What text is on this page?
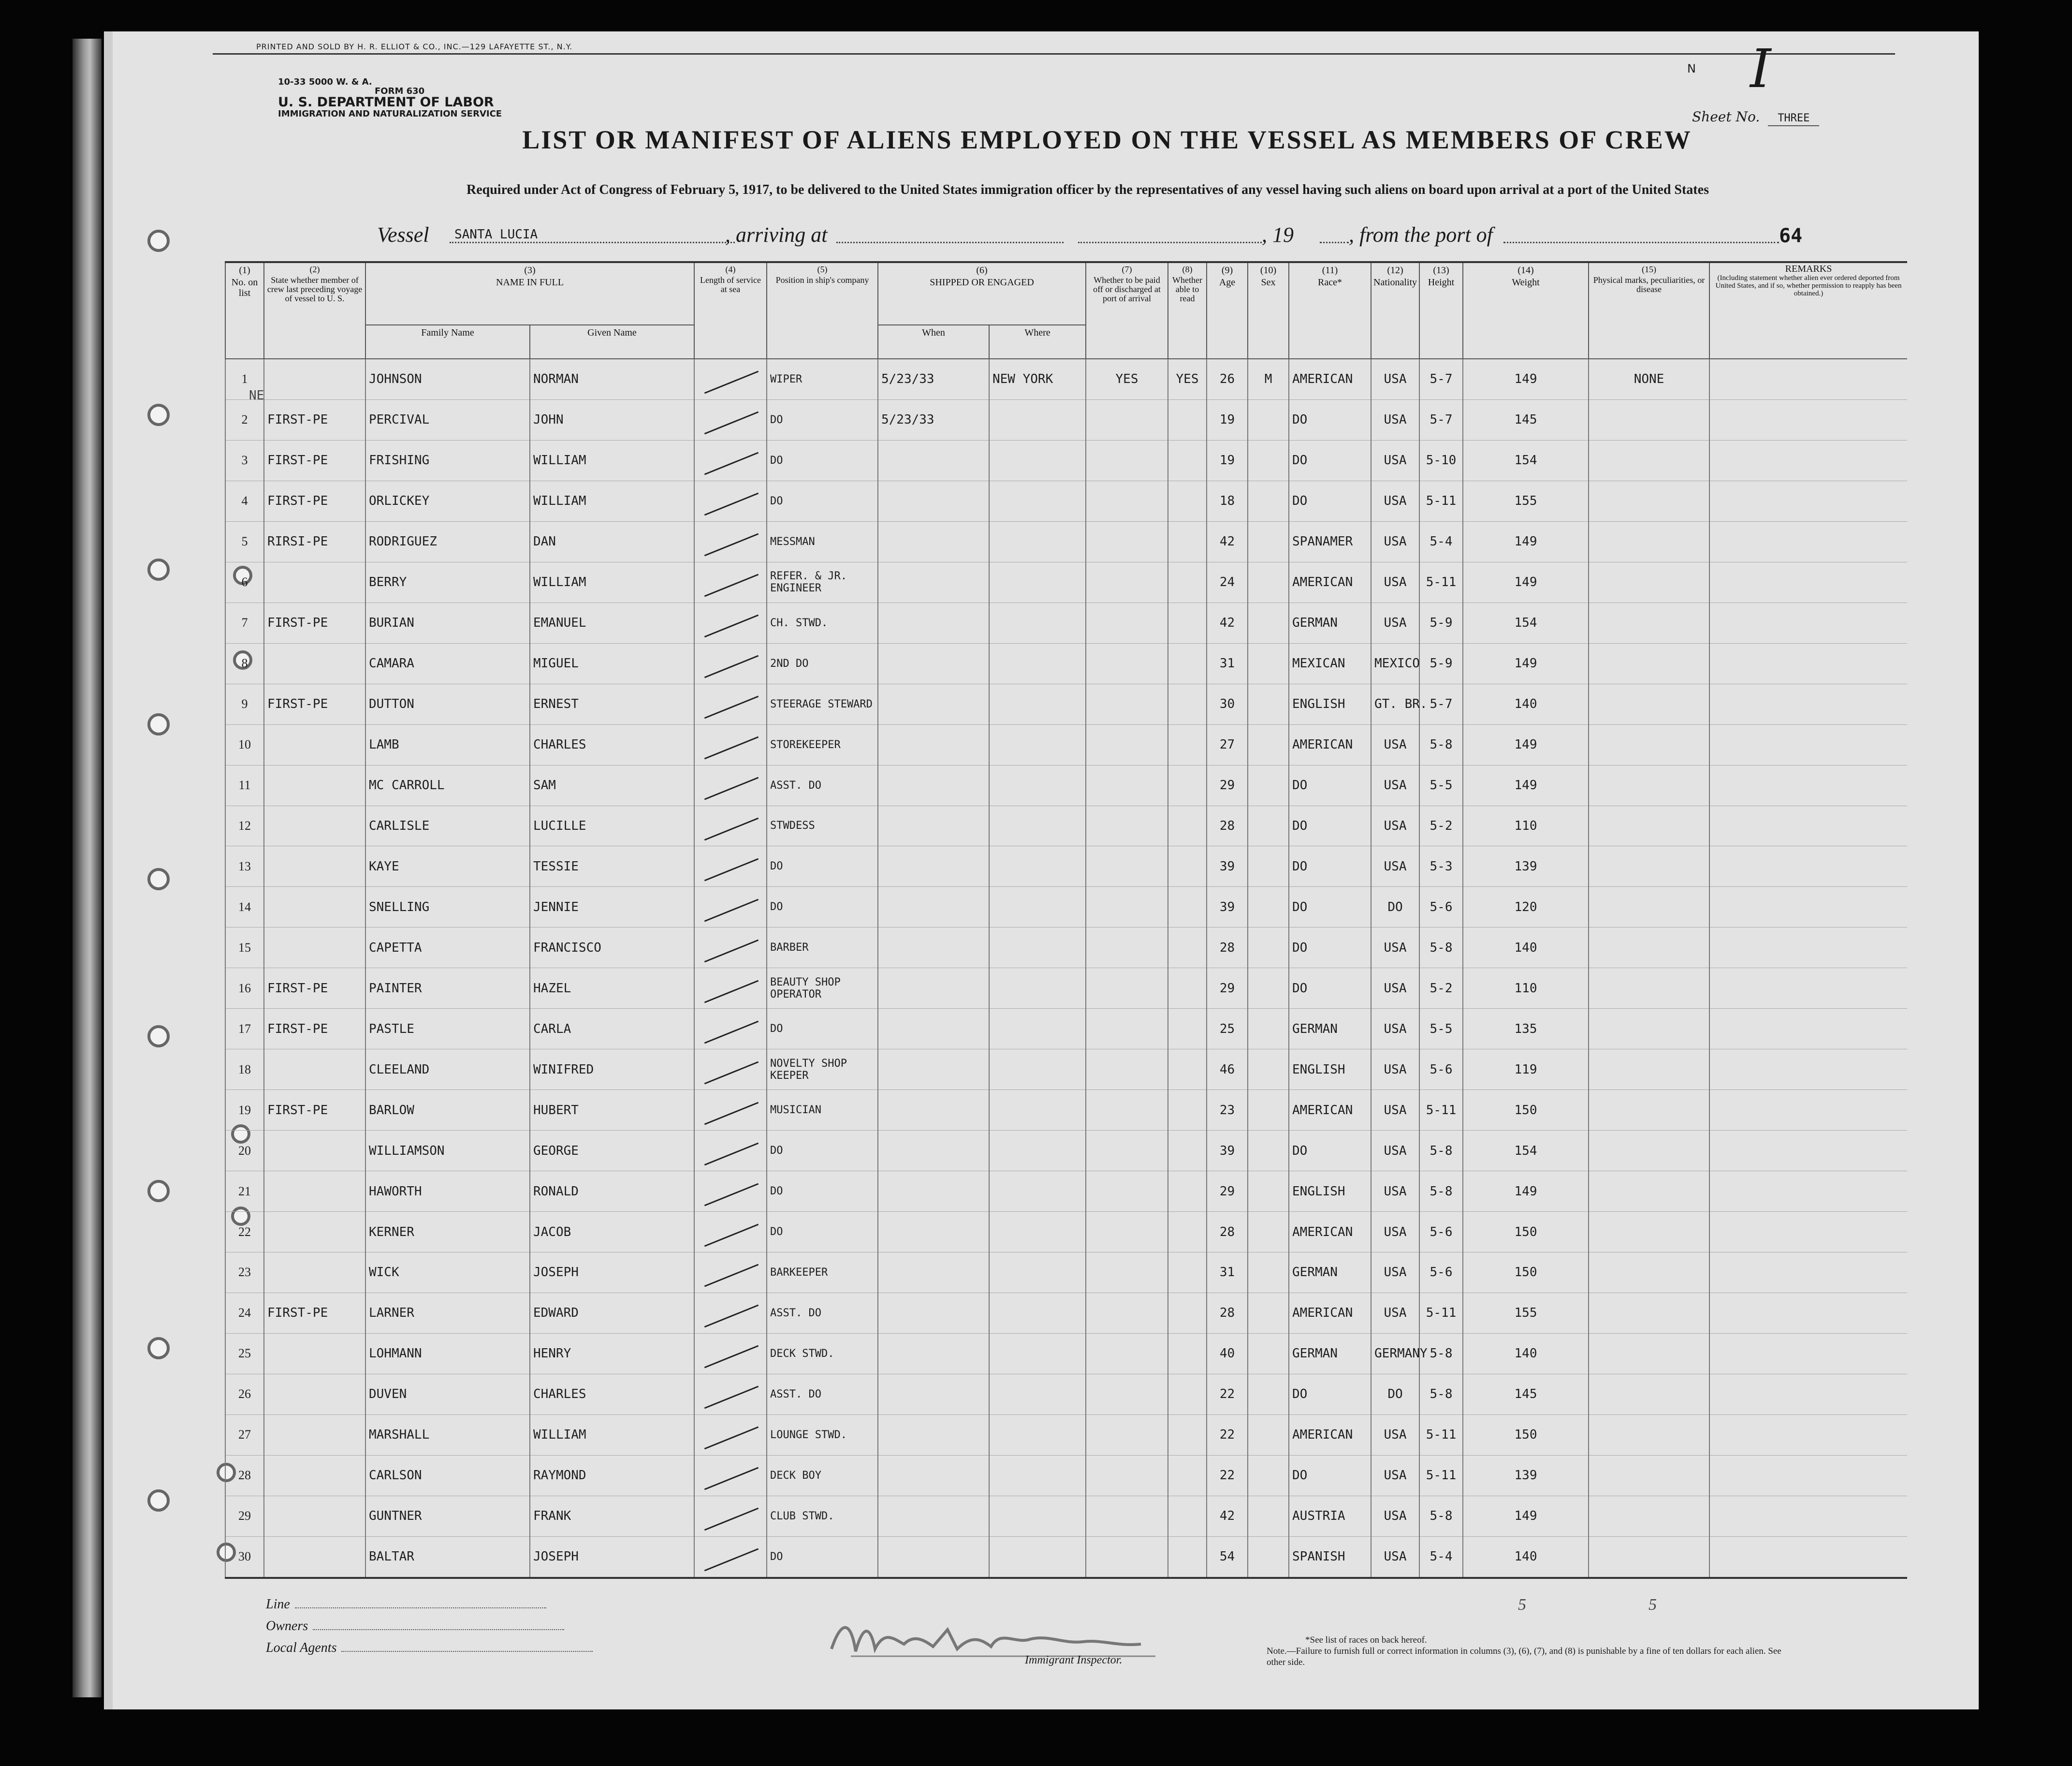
PRINTED AND SOLD BY H. R. ELLIOT & CO., INC.—129 LAFAYETTE ST., N.Y.
N I
10-33 5000 W. & A.
FORM 630
U. S. DEPARTMENT OF LABOR
IMMIGRATION AND NATURALIZATION SERVICE	Sheet No. THREE
LIST OR MANIFEST OF ALIENS EMPLOYED ON THE VESSEL AS MEMBERS OF CREW
Required under Act of Congress of February 5, 1917, to be delivered to the United States immigration officer by the representatives of any vessel having such aliens on board upon arrival at a port of the United States
Vessel SANTA LUCIA	, arriving at	, 19	, from the port of	64
NE
(1)
No. on list	(2)
State whether member of crew last preceding voyage of vessel to U. S.	(3)
NAME IN FULL		(4)
Length of service at sea	(5)
Position in ship's company	(6)
SHIPPED OR ENGAGED		(7)
Whether to be paid off or discharged at port of arrival	(8)
Whether able to read	(9)
Age	(10)
Sex	(11)
Race*	(12)
Nationality	(13)
Height	(14)
Weight	(15)
Physical marks, peculiarities, or disease	REMARKS
(Including statement whether alien ever ordered deported from United States, and if so, whether permission to reapply has been obtained.)
		Family Name	Given Name			When	Where										
1		JOHNSON	NORMAN		WIPER	5/23/33	NEW YORK	YES	YES	26	M	AMERICAN	USA	5-7	149	NONE	
2	FIRST-PE	PERCIVAL	JOHN		DO	5/23/33				19		DO	USA	5-7	145		
3	FIRST-PE	FRISHING	WILLIAM		DO					19		DO	USA	5-10	154		
4	FIRST-PE	ORLICKEY	WILLIAM		DO					18		DO	USA	5-11	155		
5	RIRSI-PE	RODRIGUEZ	DAN		MESSMAN					42		SPANAMER	USA	5-4	149		
6		BERRY	WILLIAM		REFER. & JR. ENGINEER					24		AMERICAN	USA	5-11	149		
7	FIRST-PE	BURIAN	EMANUEL		CH. STWD.					42		GERMAN	USA	5-9	154		
8		CAMARA	MIGUEL		2ND DO					31		MEXICAN	MEXICO	5-9	149		
9	FIRST-PE	DUTTON	ERNEST		STEERAGE STEWARD					30		ENGLISH	GT. BR.	5-7	140		
10		LAMB	CHARLES		STOREKEEPER					27		AMERICAN	USA	5-8	149		
11		MC CARROLL	SAM		ASST. DO					29		DO	USA	5-5	149		
12		CARLISLE	LUCILLE		STWDESS					28		DO	USA	5-2	110		
13		KAYE	TESSIE		DO					39		DO	USA	5-3	139		
14		SNELLING	JENNIE		DO					39		DO	DO	5-6	120		
15		CAPETTA	FRANCISCO		BARBER					28		DO	USA	5-8	140		
16	FIRST-PE	PAINTER	HAZEL		BEAUTY SHOP OPERATOR					29		DO	USA	5-2	110		
17	FIRST-PE	PASTLE	CARLA		DO					25		GERMAN	USA	5-5	135		
18		CLEELAND	WINIFRED		NOVELTY SHOP KEEPER					46		ENGLISH	USA	5-6	119		
19	FIRST-PE	BARLOW	HUBERT		MUSICIAN					23		AMERICAN	USA	5-11	150		
20		WILLIAMSON	GEORGE		DO					39		DO	USA	5-8	154		
21		HAWORTH	RONALD		DO					29		ENGLISH	USA	5-8	149		
22		KERNER	JACOB		DO					28		AMERICAN	USA	5-6	150		
23		WICK	JOSEPH		BARKEEPER					31		GERMAN	USA	5-6	150		
24	FIRST-PE	LARNER	EDWARD		ASST. DO					28		AMERICAN	USA	5-11	155		
25		LOHMANN	HENRY		DECK STWD.					40		GERMAN	GERMANY	5-8	140		
26		DUVEN	CHARLES		ASST. DO					22		DO	DO	5-8	145		
27		MARSHALL	WILLIAM		LOUNGE STWD.					22		AMERICAN	USA	5-11	150		
28		CARLSON	RAYMOND		DECK BOY					22		DO	USA	5-11	139		
29		GUNTNER	FRANK		CLUB STWD.					42		AUSTRIA	USA	5-8	149		
30		BALTAR	JOSEPH		DO					54		SPANISH	USA	5-4	140		
Line
Owners
Local Agents
Immigrant Inspector.
*See list of races on back hereof.
Note.—Failure to furnish full or correct information in columns (3), (6), (7), and (8) is punishable by a fine of ten dollars for each alien. See other side.
5	5
